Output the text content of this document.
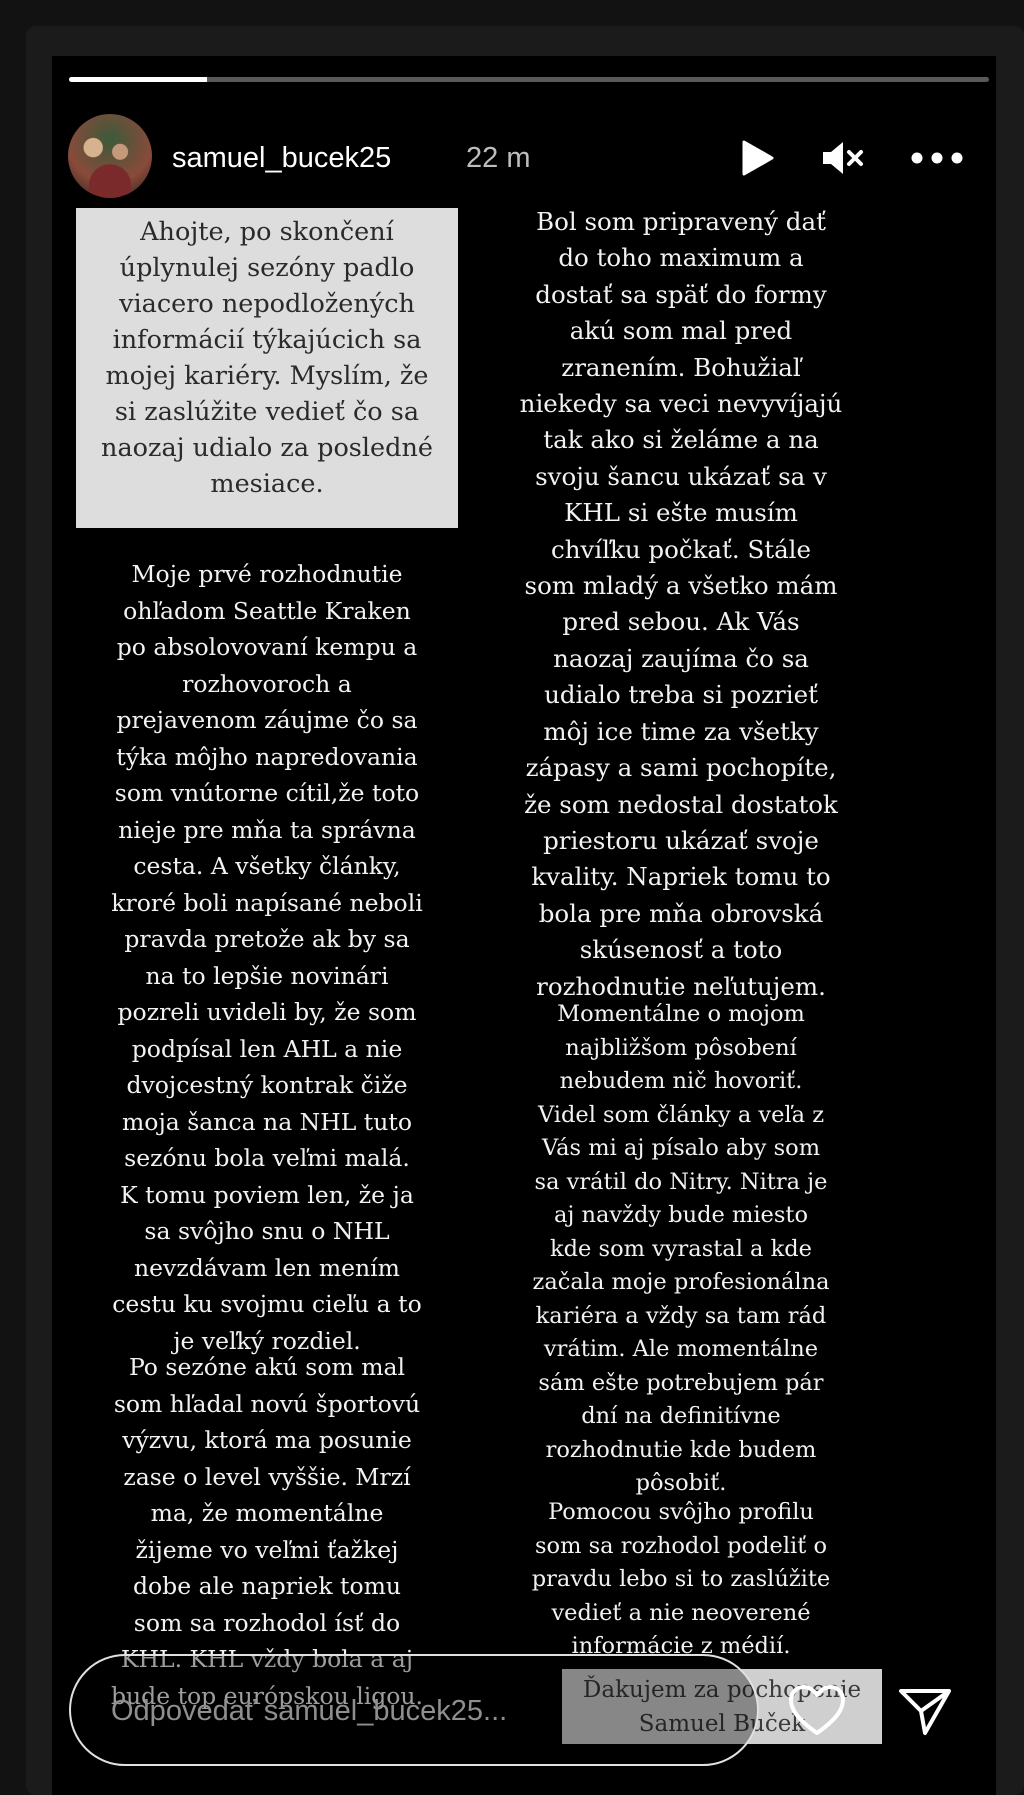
samuel_bucek25	22 m
Ahojte, po skončení
úplynulej sezóny padlo
viacero nepodložených
informácií týkajúcich sa
mojej kariéry. Myslím, že
si zaslúžite vedieť čo sa
naozaj udialo za posledné
mesiace.
Moje prvé rozhodnutie
ohľadom Seattle Kraken
po absolovovaní kempu a
rozhovoroch a
prejavenom záujme čo sa
týka môjho napredovania
som vnútorne cítil,že toto
nieje pre mňa ta správna
cesta. A všetky články,
kroré boli napísané neboli
pravda pretože ak by sa
na to lepšie novinári
pozreli uvideli by, že som
podpísal len AHL a nie
dvojcestný kontrak čiže
moja šanca na NHL tuto
sezónu bola veľmi malá.
K tomu poviem len, že ja
sa svôjho snu o NHL
nevzdávam len mením
cestu ku svojmu cieľu a to
je veľký rozdiel.
Po sezóne akú som mal
som hľadal novú športovú
výzvu, ktorá ma posunie
zase o level vyššie. Mrzí
ma, že momentálne
žijeme vo veľmi ťažkej
dobe ale napriek tomu
som sa rozhodol ísť do
KHL. KHL vždy bola a aj
bude top európskou ligou.
Bol som pripravený dať
do toho maximum a
dostať sa späť do formy
akú som mal pred
zranením. Bohužiaľ
niekedy sa veci nevyvíjajú
tak ako si želáme a na
svoju šancu ukázať sa v
KHL si ešte musím
chvíľku počkať. Stále
som mladý a všetko mám
pred sebou. Ak Vás
naozaj zaujíma čo sa
udialo treba si pozrieť
môj ice time za všetky
zápasy a sami pochopíte,
že som nedostal dostatok
priestoru ukázať svoje
kvality. Napriek tomu to
bola pre mňa obrovská
skúsenosť a toto
rozhodnutie neľutujem.
Momentálne o mojom
najbližšom pôsobení
nebudem nič hovoriť.
Videl som články a veľa z
Vás mi aj písalo aby som
sa vrátil do Nitry. Nitra je
aj navždy bude miesto
kde som vyrastal a kde
začala moje profesionálna
kariéra a vždy sa tam rád
vrátim. Ale momentálne
sám ešte potrebujem pár
dní na definitívne
rozhodnutie kde budem
pôsobiť.
Pomocou svôjho profilu
som sa rozhodol podeliť o
pravdu lebo si to zaslúžite
vedieť a nie neoverené
informácie z médií.
Ďakujem za pochopenie
Samuel Buček
Odpovedať samuel_bucek25...
